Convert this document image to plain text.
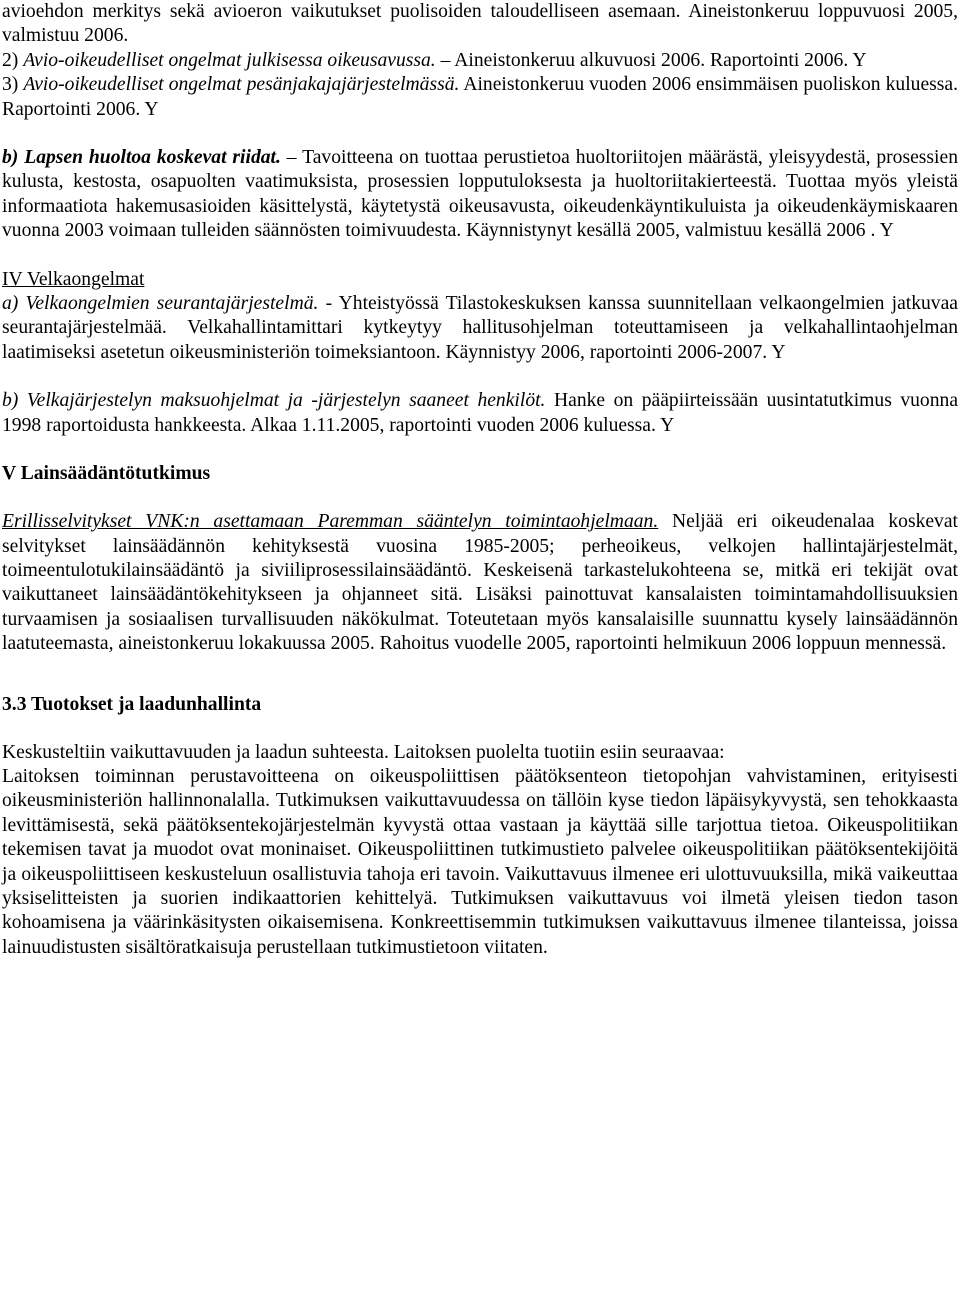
avioehdon merkitys sekä avioeron vaikutukset puolisoiden taloudelliseen asemaan. Aineistonkeruu loppuvuosi 2005, valmistuu 2006.

2) Avio-oikeudelliset ongelmat julkisessa oikeusavussa. – Aineistonkeruu alkuvuosi 2006. Raportointi 2006. Y

3) Avio-oikeudelliset ongelmat pesänjakajajärjestelmässä. Aineistonkeruu vuoden 2006 ensimmäisen puoliskon kuluessa. Raportointi 2006. Y

b) Lapsen huoltoa koskevat riidat. – Tavoitteena on tuottaa perustietoa huoltoriitojen määrästä, yleisyydestä, prosessien kulusta, kestosta, osapuolten vaatimuksista, prosessien lopputuloksesta ja huoltoriitakierteestä. Tuottaa myös yleistä informaatiota hakemusasioiden käsittelystä, käytetystä oikeusavusta, oikeudenkäyntikuluista ja oikeudenkäymiskaaren vuonna 2003 voimaan tulleiden säännösten toimivuudesta. Käynnistynyt kesällä 2005, valmistuu kesällä 2006 . Y

IV Velkaongelmat

a) Velkaongelmien seurantajärjestelmä. - Yhteistyössä Tilastokeskuksen kanssa suunnitellaan velkaongelmien jatkuvaa seurantajärjestelmää. Velkahallintamittari kytkeytyy hallitusohjelman toteuttamiseen ja velkahallintaohjelman laatimiseksi asetetun oikeusministeriön toimeksiantoon. Käynnistyy 2006, raportointi 2006-2007. Y

b) Velkajärjestelyn maksuohjelmat ja -järjestelyn saaneet henkilöt. Hanke on pääpiirteissään uusintatutkimus vuonna 1998 raportoidusta hankkeesta. Alkaa 1.11.2005, raportointi vuoden 2006 kuluessa. Y

V Lainsäädäntötutkimus

Erillisselvitykset VNK:n asettamaan Paremman sääntelyn toimintaohjelmaan. Neljää eri oikeudenalaa koskevat selvitykset lainsäädännön kehityksestä vuosina 1985-2005; perheoikeus, velkojen hallintajärjestelmät, toimeentulotukilainsäädäntö ja siviiliprosessilainsäädäntö. Keskeisenä tarkastelukohteena se, mitkä eri tekijät ovat vaikuttaneet lainsäädäntökehitykseen ja ohjanneet sitä. Lisäksi painottuvat kansalaisten toimintamahdollisuuksien turvaamisen ja sosiaalisen turvallisuuden näkökulmat. Toteutetaan myös kansalaisille suunnattu kysely lainsäädännön laatuteemasta, aineistonkeruu lokakuussa 2005. Rahoitus vuodelle 2005, raportointi helmikuun 2006 loppuun mennessä.

3.3 Tuotokset ja laadunhallinta

Keskusteltiin vaikuttavuuden ja laadun suhteesta. Laitoksen puolelta tuotiin esiin seuraavaa:

Laitoksen toiminnan perustavoitteena on oikeuspoliittisen päätöksenteon tietopohjan vahvistaminen, erityisesti oikeusministeriön hallinnonalalla. Tutkimuksen vaikuttavuudessa on tällöin kyse tiedon läpäisykyvystä, sen tehokkaasta levittämisestä, sekä päätöksentekojärjestelmän kyvystä ottaa vastaan ja käyttää sille tarjottua tietoa. Oikeuspolitiikan tekemisen tavat ja muodot ovat moninaiset. Oikeuspoliittinen tutkimustieto palvelee oikeuspolitiikan päätöksentekijöitä ja oikeuspoliittiseen keskusteluun osallistuvia tahoja eri tavoin. Vaikuttavuus ilmenee eri ulottuvuuksilla, mikä vaikeuttaa yksiselitteisten ja suorien indikaattorien kehittelyä. Tutkimuksen vaikuttavuus voi ilmetä yleisen tiedon tason kohoamisena ja väärinkäsitysten oikaisemisena. Konkreettisemmin tutkimuksen vaikuttavuus ilmenee tilanteissa, joissa lainuudistusten sisältöratkaisuja perustellaan tutkimustietoon viitaten.
